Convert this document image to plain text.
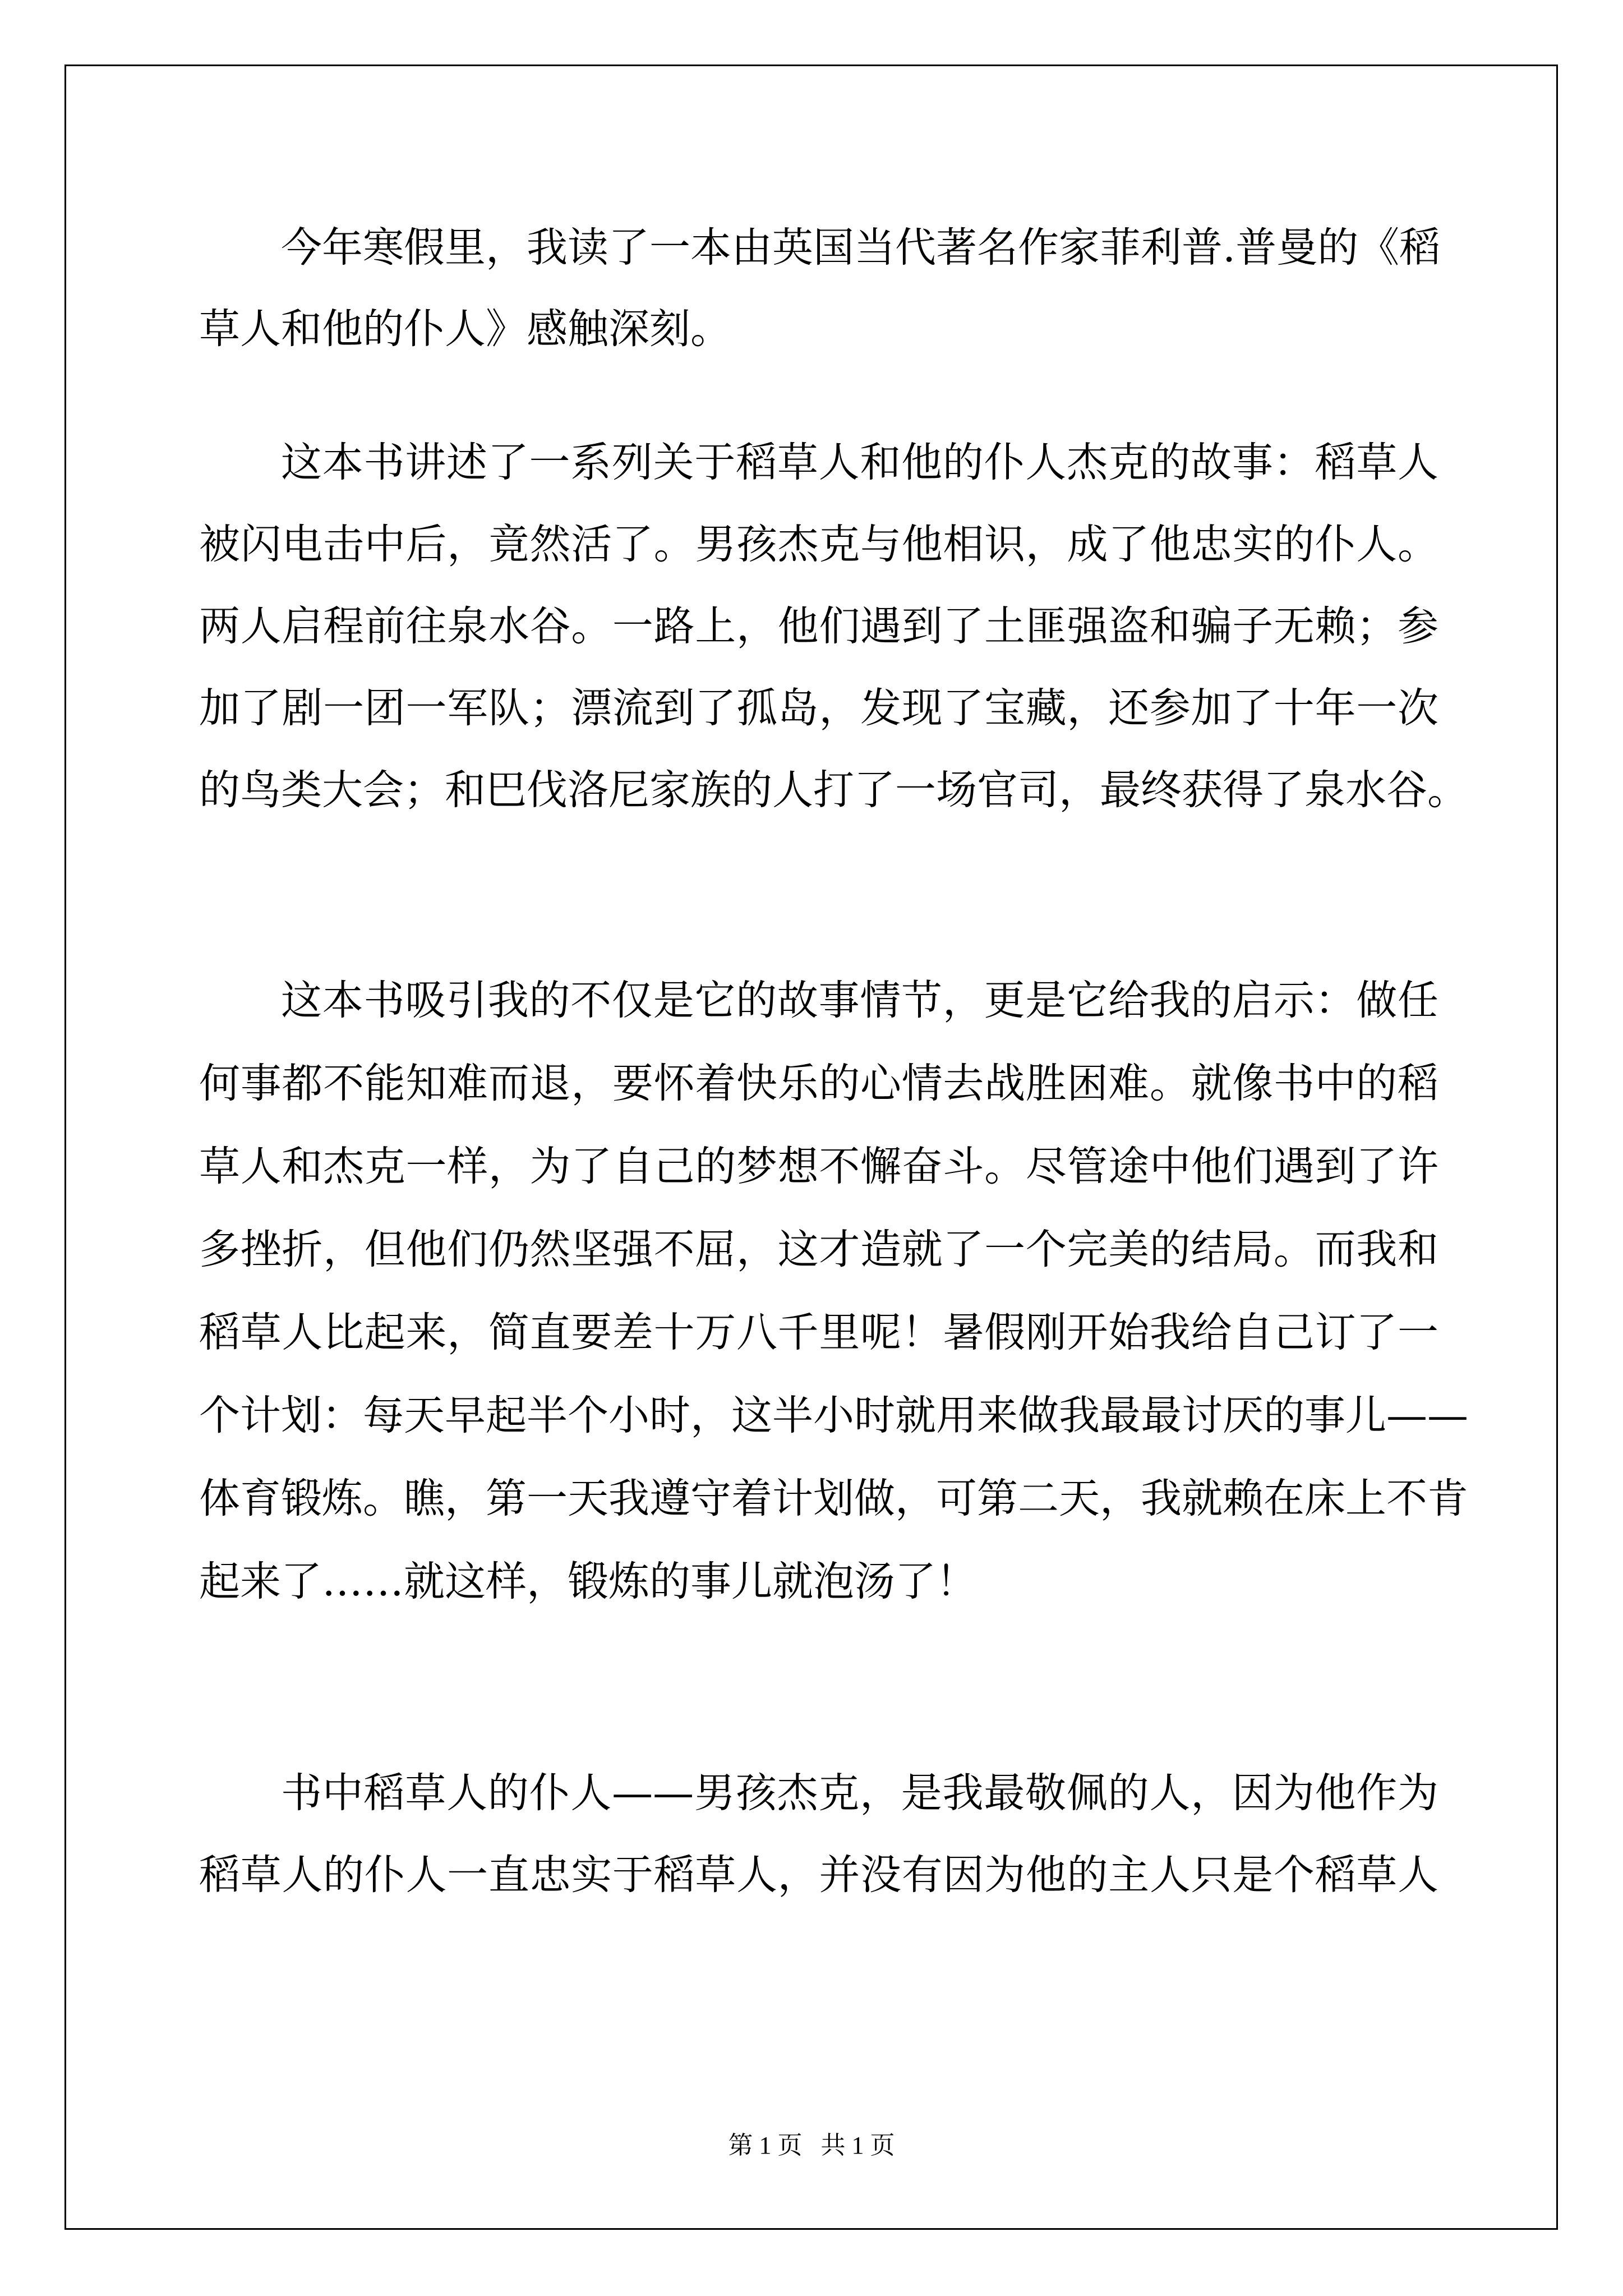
今年寒假里，我读了一本由英国当代著名作家菲利普.普曼的《稻
草人和他的仆人》感触深刻。
这本书讲述了一系列关于稻草人和他的仆人杰克的故事：稻草人
被闪电击中后，竟然活了。男孩杰克与他相识，成了他忠实的仆人。
两人启程前往泉水谷。一路上，他们遇到了土匪强盗和骗子无赖；参
加了剧一团一军队；漂流到了孤岛，发现了宝藏，还参加了十年一次
的鸟类大会；和巴伐洛尼家族的人打了一场官司，最终获得了泉水谷。
这本书吸引我的不仅是它的故事情节，更是它给我的启示：做任
何事都不能知难而退，要怀着快乐的心情去战胜困难。就像书中的稻
草人和杰克一样，为了自己的梦想不懈奋斗。尽管途中他们遇到了许
多挫折，但他们仍然坚强不屈，这才造就了一个完美的结局。而我和
稻草人比起来，简直要差十万八千里呢！暑假刚开始我给自己订了一
个计划：每天早起半个小时，这半小时就用来做我最最讨厌的事儿——
体育锻炼。瞧，第一天我遵守着计划做，可第二天，我就赖在床上不肯
起来了……就这样，锻炼的事儿就泡汤了！
书中稻草人的仆人——男孩杰克，是我最敬佩的人，因为他作为
稻草人的仆人一直忠实于稻草人，并没有因为他的主人只是个稻草人
第 1 页   共 1 页
